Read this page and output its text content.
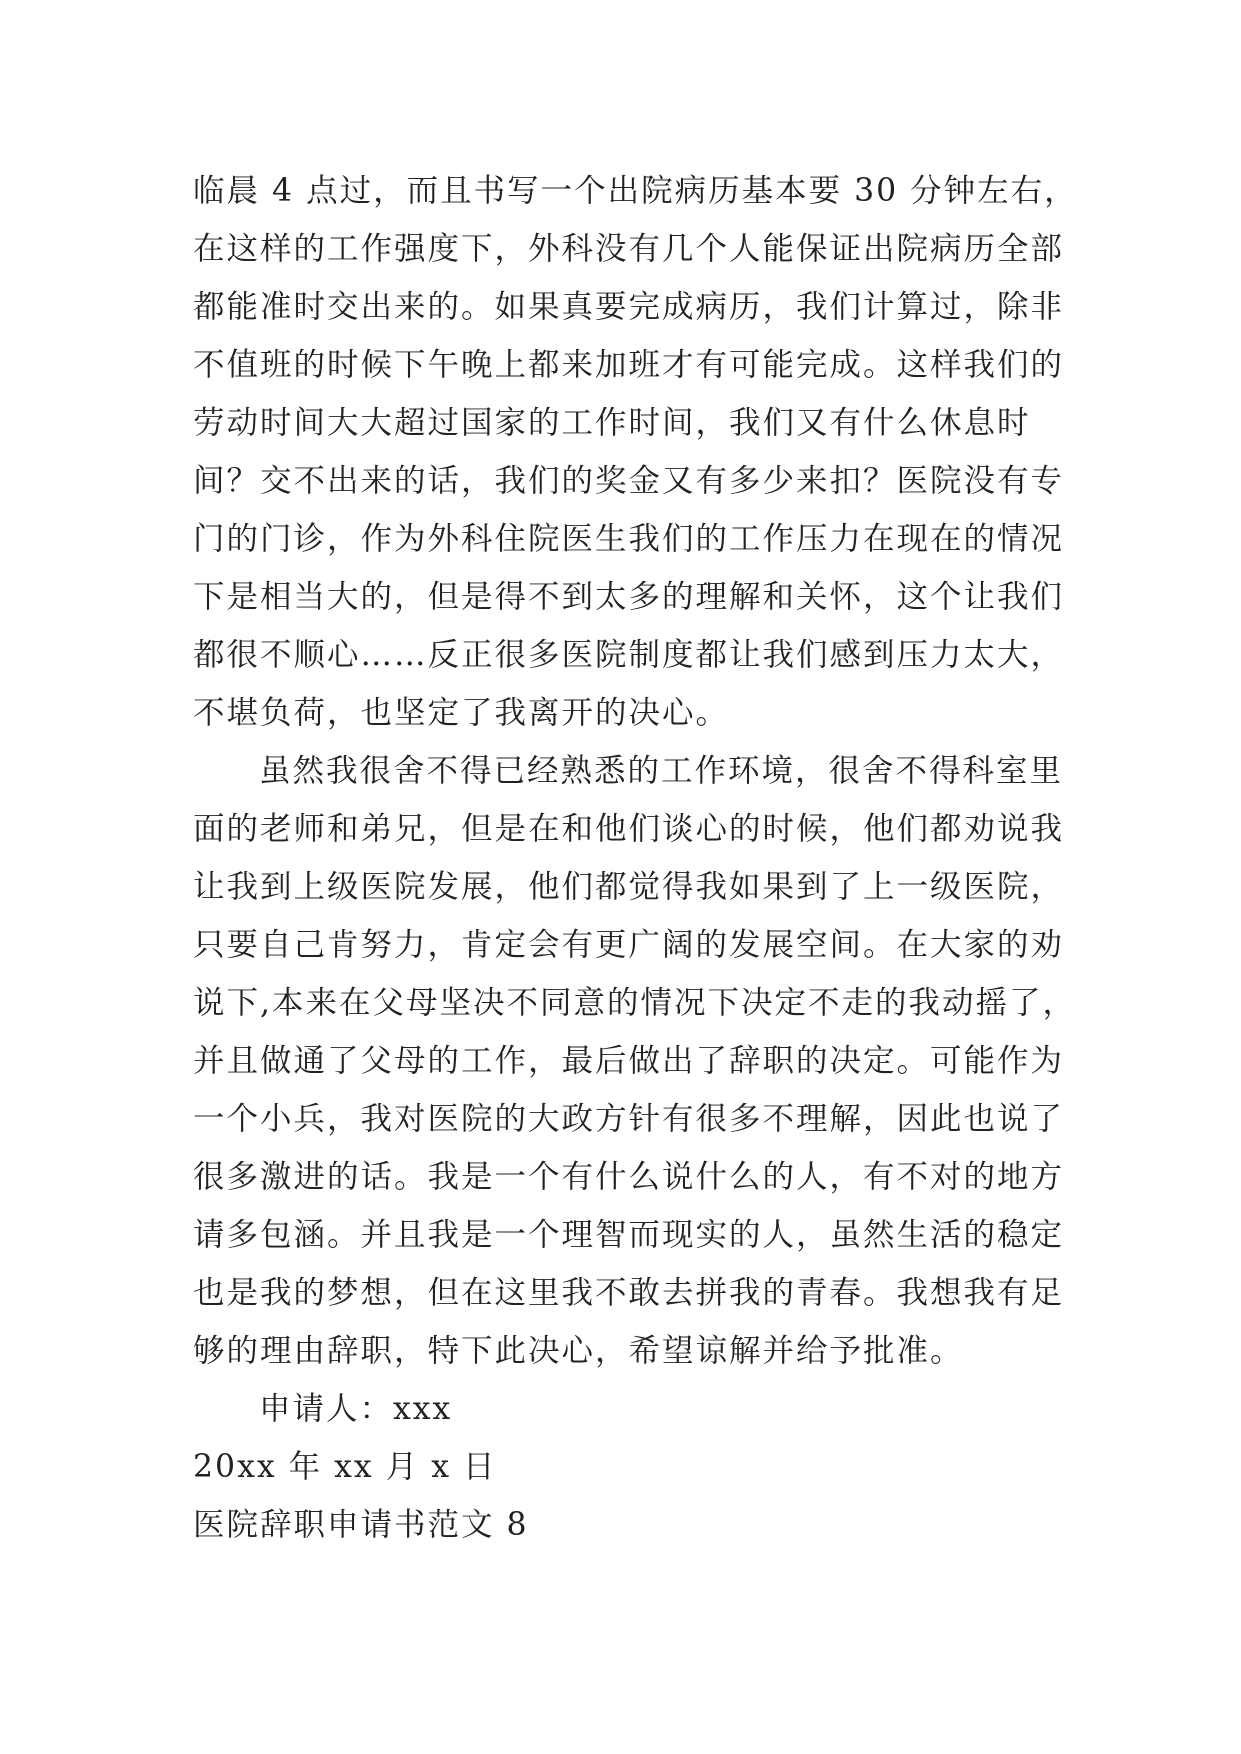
临晨 4 点过，而且书写一个出院病历基本要 30 分钟左右，
在这样的工作强度下，外科没有几个人能保证出院病历全部
都能准时交出来的。如果真要完成病历，我们计算过，除非
不值班的时候下午晚上都来加班才有可能完成。这样我们的
劳动时间大大超过国家的工作时间，我们又有什么休息时
间？交不出来的话，我们的奖金又有多少来扣？医院没有专
门的门诊，作为外科住院医生我们的工作压力在现在的情况
下是相当大的，但是得不到太多的理解和关怀，这个让我们
都很不顺心……反正很多医院制度都让我们感到压力太大，
不堪负荷，也坚定了我离开的决心。
虽然我很舍不得已经熟悉的工作环境，很舍不得科室里
面的老师和弟兄，但是在和他们谈心的时候，他们都劝说我
让我到上级医院发展，他们都觉得我如果到了上一级医院，
只要自己肯努力，肯定会有更广阔的发展空间。在大家的劝
说下,本来在父母坚决不同意的情况下决定不走的我动摇了，
并且做通了父母的工作，最后做出了辞职的决定。可能作为
一个小兵，我对医院的大政方针有很多不理解，因此也说了
很多激进的话。我是一个有什么说什么的人，有不对的地方
请多包涵。并且我是一个理智而现实的人，虽然生活的稳定
也是我的梦想，但在这里我不敢去拼我的青春。我想我有足
够的理由辞职，特下此决心，希望谅解并给予批准。
申请人：xxx
20xx 年 xx 月 x 日
医院辞职申请书范文 8
